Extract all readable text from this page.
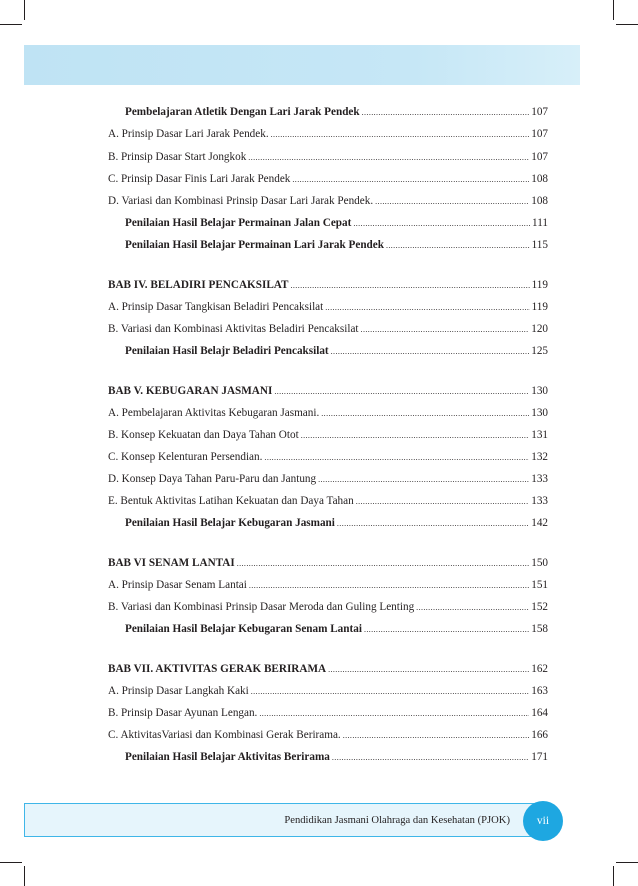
Pembelajaran Atletik Dengan Lari Jarak Pendek .....	107
A. Prinsip Dasar Lari Jarak Pendek. .....	107
B. Prinsip Dasar Start Jongkok .....	107
C. Prinsip Dasar Finis Lari Jarak Pendek .....	108
D. Variasi dan Kombinasi Prinsip Dasar Lari Jarak Pendek. .....	108
Penilaian Hasil Belajar Permainan Jalan Cepat .....	111
Penilaian Hasil Belajar Permainan Lari Jarak Pendek .....	115
BAB IV. BELADIRI PENCAKSILAT .....	119
A. Prinsip Dasar Tangkisan Beladiri Pencaksilat .....	119
B. Variasi dan Kombinasi Aktivitas Beladiri Pencaksilat .....	120
Penilaian Hasil Belajr Beladiri Pencaksilat .....	125
BAB V. KEBUGARAN JASMANI .....	130
A. Pembelajaran Aktivitas Kebugaran Jasmani. .....	130
B. Konsep Kekuatan dan Daya Tahan Otot .....	131
C. Konsep Kelenturan Persendian. .....	132
D. Konsep Daya Tahan Paru-Paru dan Jantung .....	133
E. Bentuk Aktivitas Latihan Kekuatan dan Daya Tahan .....	133
Penilaian Hasil Belajar Kebugaran Jasmani .....	142
BAB VI SENAM LANTAI .....	150
A. Prinsip Dasar Senam Lantai .....	151
B. Variasi dan Kombinasi Prinsip Dasar Meroda dan Guling Lenting .....	152
Penilaian Hasil Belajar Kebugaran Senam Lantai .....	158
BAB VII. AKTIVITAS GERAK BERIRAMA .....	162
A. Prinsip Dasar Langkah Kaki .....	163
B. Prinsip Dasar Ayunan Lengan. .....	164
C. AktivitasVariasi dan Kombinasi Gerak Berirama. .....	166
Penilaian Hasil Belajar Aktivitas Berirama .....	171
Pendidikan Jasmani Olahraga dan Kesehatan (PJOK) vii
